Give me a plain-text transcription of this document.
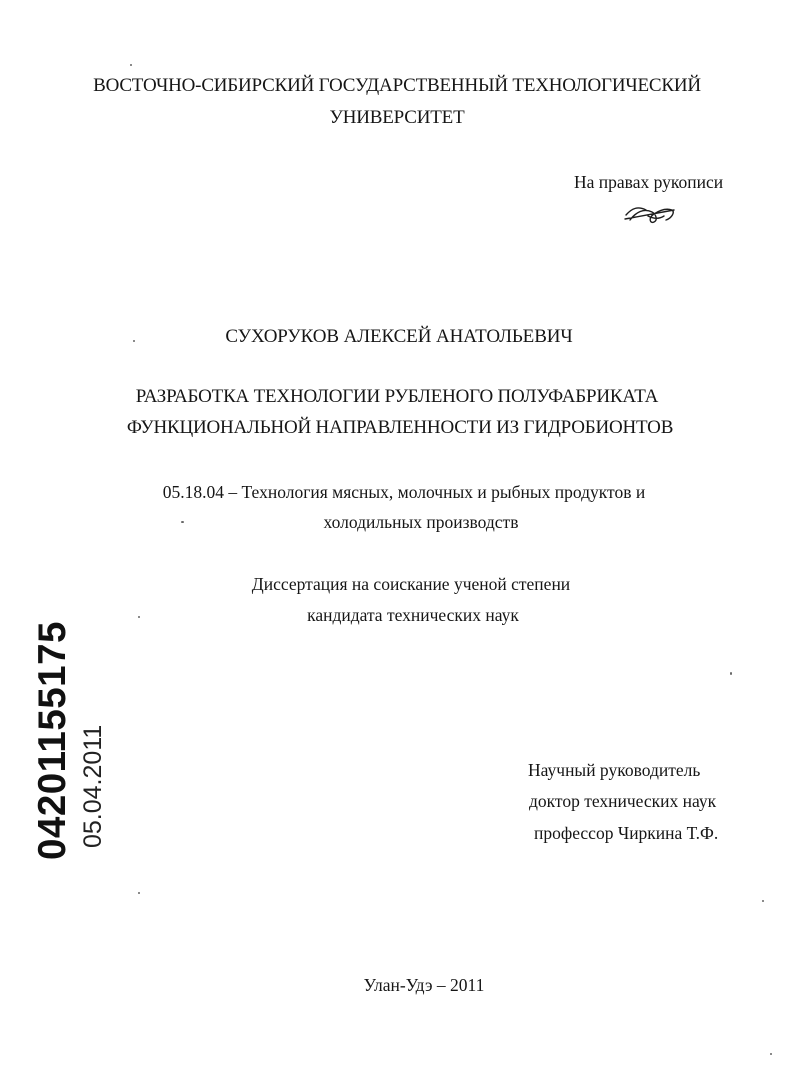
ВОСТОЧНО-СИБИРСКИЙ ГОСУДАРСТВЕННЫЙ ТЕХНОЛОГИЧЕСКИЙ
УНИВЕРСИТЕТ
На правах рукописи
СУХОРУКОВ АЛЕКСЕЙ АНАТОЛЬЕВИЧ
РАЗРАБОТКА ТЕХНОЛОГИИ РУБЛЕНОГО ПОЛУФАБРИКАТА
ФУНКЦИОНАЛЬНОЙ НАПРАВЛЕННОСТИ ИЗ ГИДРОБИОНТОВ
05.18.04 – Технология мясных, молочных и рыбных продуктов и
холодильных производств
Диссертация на соискание ученой степени
кандидата технических наук
Научный руководитель
доктор технических наук
профессор Чиркина Т.Ф.
Улан-Удэ – 2011
04201155175 05.04.2011
